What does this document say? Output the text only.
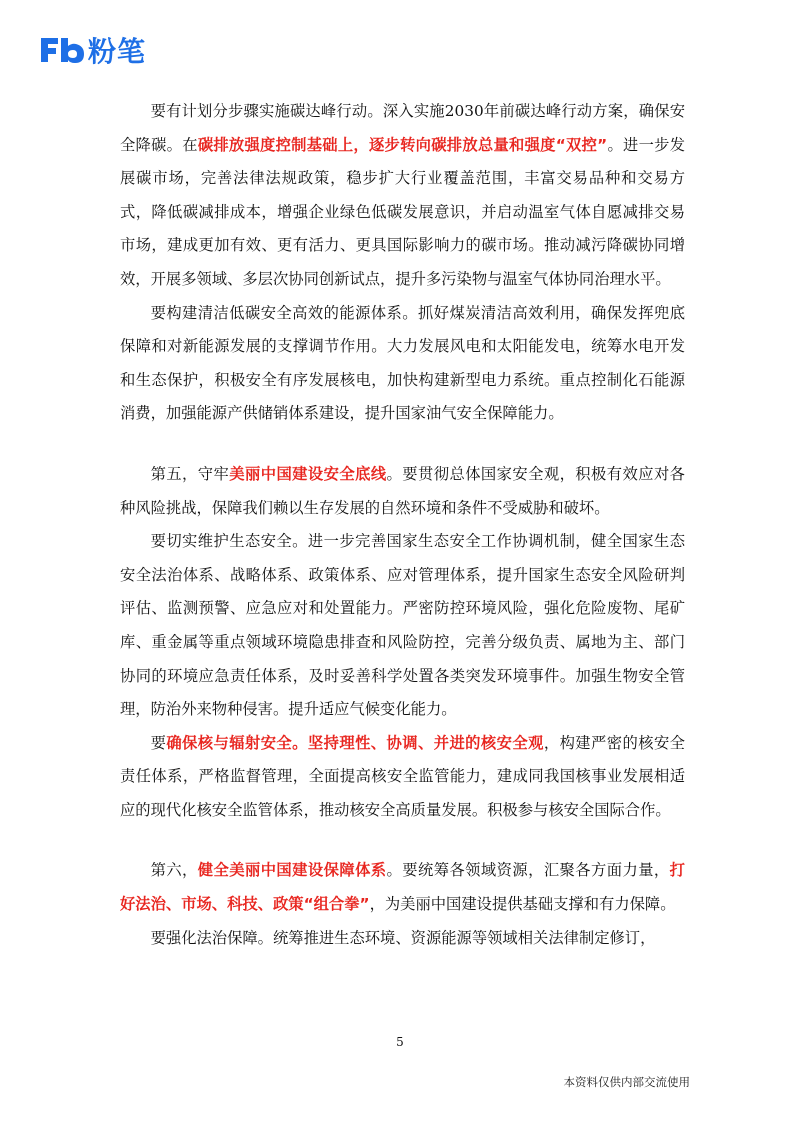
粉笔

要有计划分步骤实施碳达峰行动。深入实施2030年前碳达峰行动方案，确保安全降碳。在碳排放强度控制基础上，逐步转向碳排放总量和强度“双控”。进一步发展碳市场，完善法律法规政策，稳步扩大行业覆盖范围，丰富交易品种和交易方式，降低碳减排成本，增强企业绿色低碳发展意识，并启动温室气体自愿减排交易市场，建成更加有效、更有活力、更具国际影响力的碳市场。推动减污降碳协同增效，开展多领域、多层次协同创新试点，提升多污染物与温室气体协同治理水平。

要构建清洁低碳安全高效的能源体系。抓好煤炭清洁高效利用，确保发挥兜底保障和对新能源发展的支撑调节作用。大力发展风电和太阳能发电，统筹水电开发和生态保护，积极安全有序发展核电，加快构建新型电力系统。重点控制化石能源消费，加强能源产供储销体系建设，提升国家油气安全保障能力。

第五，守牢美丽中国建设安全底线。要贯彻总体国家安全观，积极有效应对各种风险挑战，保障我们赖以生存发展的自然环境和条件不受威胁和破坏。

要切实维护生态安全。进一步完善国家生态安全工作协调机制，健全国家生态安全法治体系、战略体系、政策体系、应对管理体系，提升国家生态安全风险研判评估、监测预警、应急应对和处置能力。严密防控环境风险，强化危险废物、尾矿库、重金属等重点领域环境隐患排查和风险防控，完善分级负责、属地为主、部门协同的环境应急责任体系，及时妥善科学处置各类突发环境事件。加强生物安全管理，防治外来物种侵害。提升适应气候变化能力。

要确保核与辐射安全。坚持理性、协调、并进的核安全观，构建严密的核安全责任体系，严格监督管理，全面提高核安全监管能力，建成同我国核事业发展相适应的现代化核安全监管体系，推动核安全高质量发展。积极参与核安全国际合作。

第六，健全美丽中国建设保障体系。要统筹各领域资源，汇聚各方面力量，打好法治、市场、科技、政策“组合拳”，为美丽中国建设提供基础支撑和有力保障。

要强化法治保障。统筹推进生态环境、资源能源等领域相关法律制定修订，

5
本资料仅供内部交流使用
